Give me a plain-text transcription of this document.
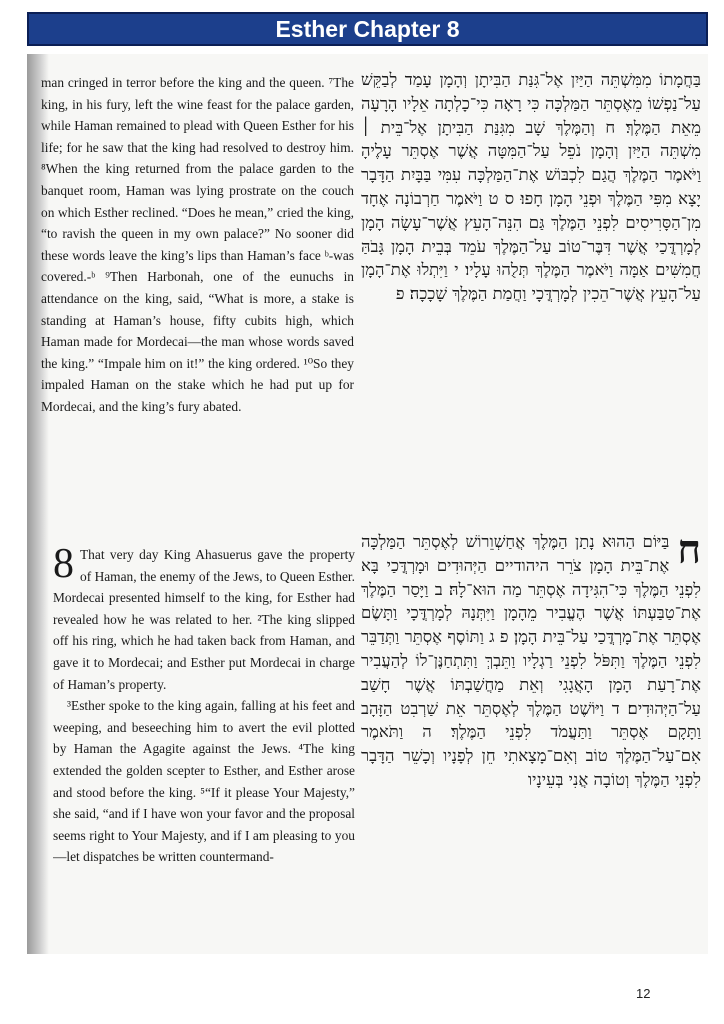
Esther Chapter 8

man cringed in terror before the king and the queen. ⁷The king, in his fury, left the wine feast for the palace garden, while Haman remained to plead with Queen Esther for his life; for he saw that the king had resolved to destroy him. ⁸When the king returned from the palace garden to the banquet room, Haman was lying prostrate on the couch on which Esther reclined. “Does he mean,” cried the king, “to ravish the queen in my own palace?” No sooner did these words leave the king’s lips than Haman’s face ᵇ-was covered.-ᵇ ⁹Then Harbonah, one of the eunuchs in attendance on the king, said, “What is more, a stake is standing at Haman’s house, fifty cubits high, which Haman made for Mordecai—the man whose words saved the king.” “Impale him on it!” the king ordered. ¹⁰So they impaled Haman on the stake which he had put up for Mordecai, and the king’s fury abated.

בַּחֲמָתוֹ מִמִּשְׁתֵּה הַיַּיִן אֶל־גִּנַּת הַבִּיתָן וְהָמָן עָמַד לְבַקֵּשׁ עַל־נַפְשׁוֹ מֵאֶסְתֵּר הַמַּלְכָּה כִּי רָאָה כִּי־כָלְתָה אֵלָיו הָרָעָה מֵאֵת הַמֶּלֶךְ׃ ח וְהַמֶּלֶךְ שָׁב מִגִּנַּת הַבִּיתָן אֶל־בֵּית ׀ מִשְׁתֵּה הַיַּיִן וְהָמָן נֹפֵל עַל־הַמִּטָּה אֲשֶׁר אֶסְתֵּר עָלֶיהָ וַיֹּאמֶר הַמֶּלֶךְ הֲגַם לִכְבּוֹשׁ אֶת־הַמַּלְכָּה עִמִּי בַּבָּיִת הַדָּבָר יָצָא מִפִּי הַמֶּלֶךְ וּפְנֵי הָמָן חָפוּ׃ ס ט וַיֹּאמֶר חַרְבוֹנָה אֶחָד מִן־הַסָּרִיסִים לִפְנֵי הַמֶּלֶךְ גַּם הִנֵּה־הָעֵץ אֲשֶׁר־עָשָׂה הָמָן לְמָרְדֳּכַי אֲשֶׁר דִּבֶּר־טוֹב עַל־הַמֶּלֶךְ עֹמֵד בְּבֵית הָמָן גָּבֹהַּ חֲמִשִּׁים אַמָּה וַיֹּאמֶר הַמֶּלֶךְ תְּלֻהוּ עָלָיו׃ י וַיִּתְלוּ אֶת־הָמָן עַל־הָעֵץ אֲשֶׁר־הֵכִין לְמָרְדֳּכָי וַחֲמַת הַמֶּלֶךְ שָׁכָכָה׃ פ

8 That very day King Ahasuerus gave the property of Haman, the enemy of the Jews, to Queen Esther. Mordecai presented himself to the king, for Esther had revealed how he was related to her. ²The king slipped off his ring, which he had taken back from Haman, and gave it to Mordecai; and Esther put Mordecai in charge of Haman’s property.

³Esther spoke to the king again, falling at his feet and weeping, and beseeching him to avert the evil plotted by Haman the Agagite against the Jews. ⁴The king extended the golden scepter to Esther, and Esther arose and stood before the king. ⁵“If it please Your Majesty,” she said, “and if I have won your favor and the proposal seems right to Your Majesty, and if I am pleasing to you—let dispatches be written countermand-

ח
בַּיּוֹם הַהוּא נָתַן הַמֶּלֶךְ אֲחַשְׁוֵרוֹשׁ לְאֶסְתֵּר הַמַּלְכָּה אֶת־בֵּית הָמָן צֹרֵר היהודיים הַיְּהוּדִים וּמָרְדֳּכַי בָּא לִפְנֵי הַמֶּלֶךְ כִּי־הִגִּידָה אֶסְתֵּר מַה הוּא־לָהּ׃ ב וַיָּסַר הַמֶּלֶךְ אֶת־טַבַּעְתּוֹ אֲשֶׁר הֶעֱבִיר מֵהָמָן וַיִּתְּנָהּ לְמָרְדֳּכָי וַתָּשֶׂם אֶסְתֵּר אֶת־מָרְדֳּכַי עַל־בֵּית הָמָן׃ פ ג וַתּוֹסֶף אֶסְתֵּר וַתְּדַבֵּר לִפְנֵי הַמֶּלֶךְ וַתִּפֹּל לִפְנֵי רַגְלָיו וַתֵּבְךְּ וַתִּתְחַנֶּן־לוֹ לְהַעֲבִיר אֶת־רָעַת הָמָן הָאֲגָגִי וְאֵת מַחֲשַׁבְתּוֹ אֲשֶׁר חָשַׁב עַל־הַיְּהוּדִים׃ ד וַיּוֹשֶׁט הַמֶּלֶךְ לְאֶסְתֵּר אֵת שַׁרְבִט הַזָּהָב וַתָּקָם אֶסְתֵּר וַתַּעֲמֹד לִפְנֵי הַמֶּלֶךְ׃ ה וַתֹּאמֶר אִם־עַל־הַמֶּלֶךְ טוֹב וְאִם־מָצָאתִי חֵן לְפָנָיו וְכָשֵׁר הַדָּבָר לִפְנֵי הַמֶּלֶךְ וְטוֹבָה אֲנִי בְּעֵינָיו

12
